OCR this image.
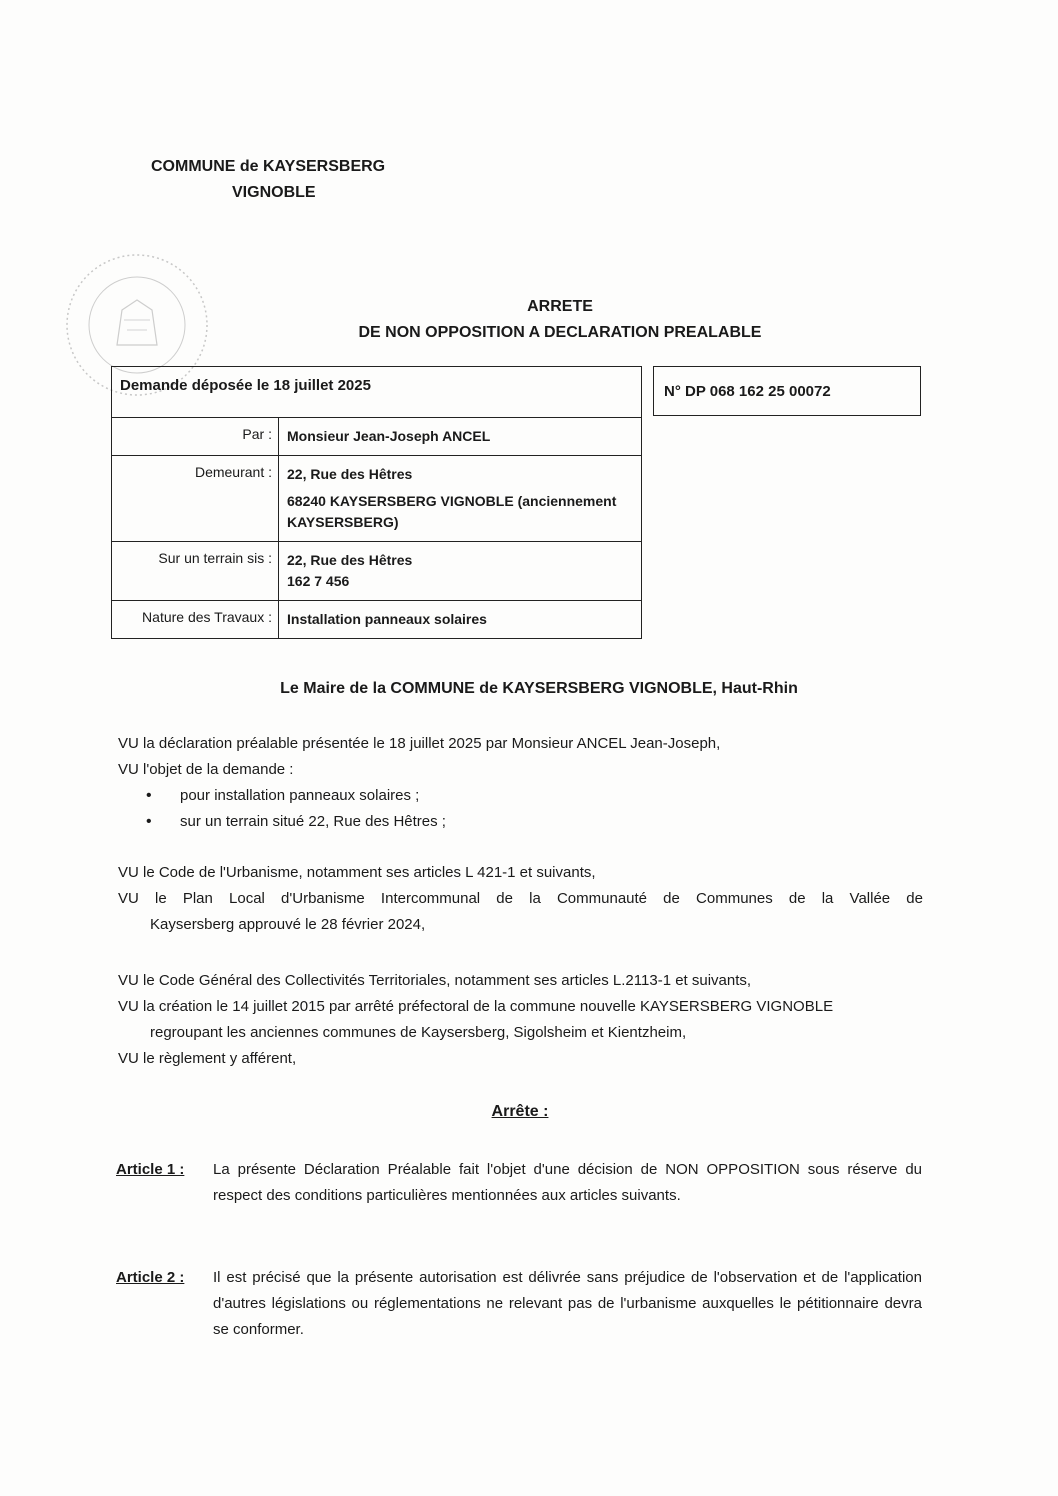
COMMUNE de KAYSERSBERG
VIGNOBLE
ARRETE
DE NON OPPOSITION A DECLARATION PREALABLE
Demande déposée le 18 juillet 2025	
Par :	Monsieur Jean-Joseph ANCEL

Demeurant :	22, Rue des Hêtres
68240 KAYSERSBERG VIGNOBLE (anciennement KAYSERSBERG)

Sur un terrain sis :	22, Rue des Hêtres
162 7 456

Nature des Travaux :	Installation panneaux solaires
N° DP 068 162 25 00072
Le Maire de la COMMUNE de KAYSERSBERG VIGNOBLE, Haut-Rhin
VU la déclaration préalable présentée le 18 juillet 2025 par Monsieur ANCEL Jean-Joseph,
VU l'objet de la demande :
• pour installation panneaux solaires ;
• sur un terrain situé 22, Rue des Hêtres ;
VU le Code de l'Urbanisme, notamment ses articles L 421-1 et suivants,
VU le Plan Local d'Urbanisme Intercommunal de la Communauté de Communes de la Vallée de
Kaysersberg approuvé le 28 février 2024,
VU le Code Général des Collectivités Territoriales, notamment ses articles L.2113-1 et suivants,
VU la création le 14 juillet 2015 par arrêté préfectoral de la commune nouvelle KAYSERSBERG VIGNOBLE
regroupant les anciennes communes de Kaysersberg, Sigolsheim et Kientzheim,
VU le règlement y afférent,
Arrête :
Article 1 : La présente Déclaration Préalable fait l'objet d'une décision de NON OPPOSITION sous réserve du respect des conditions particulières mentionnées aux articles suivants.
Article 2 : Il est précisé que la présente autorisation est délivrée sans préjudice de l'observation et de l'application d'autres législations ou réglementations ne relevant pas de l'urbanisme auxquelles le pétitionnaire devra se conformer.
